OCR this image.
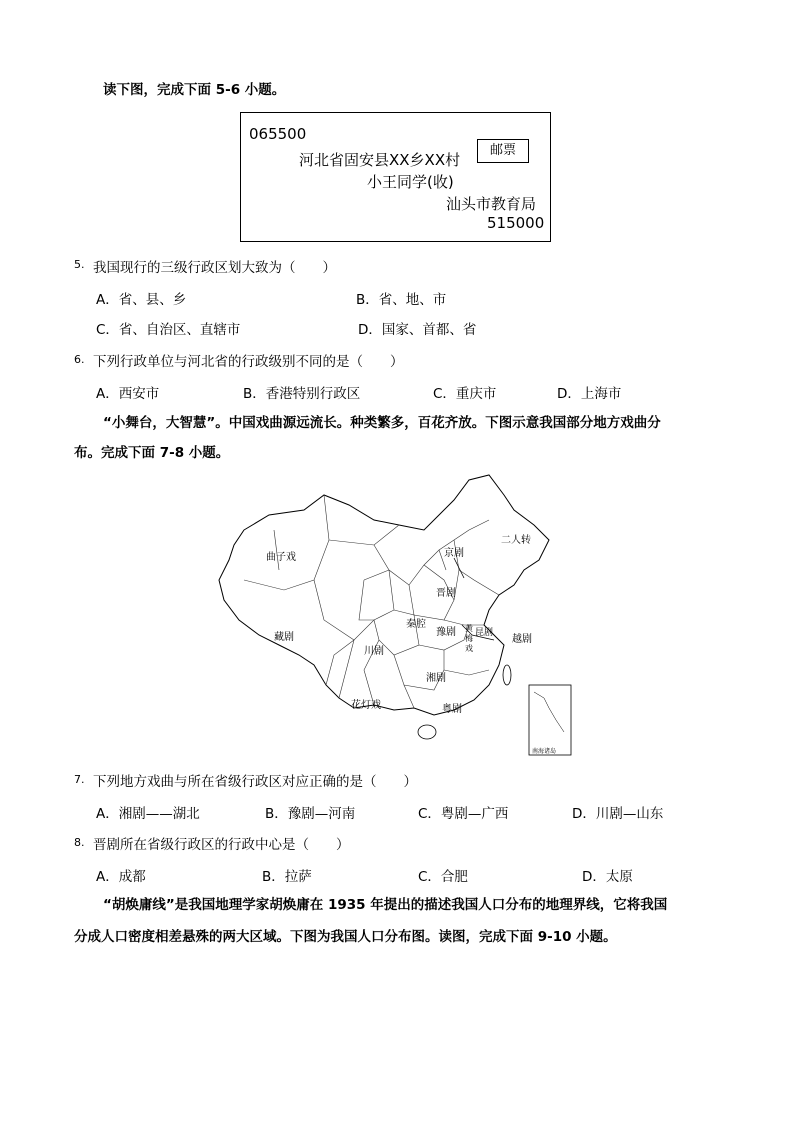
读下图，完成下面 5-6 小题。
065500
河北省固安县XX乡XX村
邮票
小王同学(收)
汕头市教育局
515000
5. 我国现行的三级行政区划大致为（　　）
A．省、县、乡	B．省、地、市
C．省、自治区、直辖市	D．国家、首都、省
6. 下列行政单位与河北省的行政级别不同的是（　　）
A．西安市	B．香港特别行政区	C．重庆市	D．上海市
“小舞台，大智慧”。中国戏曲源远流长。种类繁多，百花齐放。下图示意我国部分地方戏曲分
布。完成下面 7-8 小题。
曲子戏	京剧
二人转
晋剧
藏剧
秦腔
豫剧 黄
梅
戏
昆剧
越剧
川剧
湘剧
花灯戏	粤剧
南海诸岛
7. 下列地方戏曲与所在省级行政区对应正确的是（　　）
A．湘剧——湖北	B．豫剧—河南	C．粤剧—广西	D．川剧—山东
8. 晋剧所在省级行政区的行政中心是（　　）
A．成都	B．拉萨	C．合肥	D．太原
“胡焕庸线”是我国地理学家胡焕庸在 1935 年提出的描述我国人口分布的地理界线，它将我国
分成人口密度相差悬殊的两大区域。下图为我国人口分布图。读图，完成下面 9-10 小题。
